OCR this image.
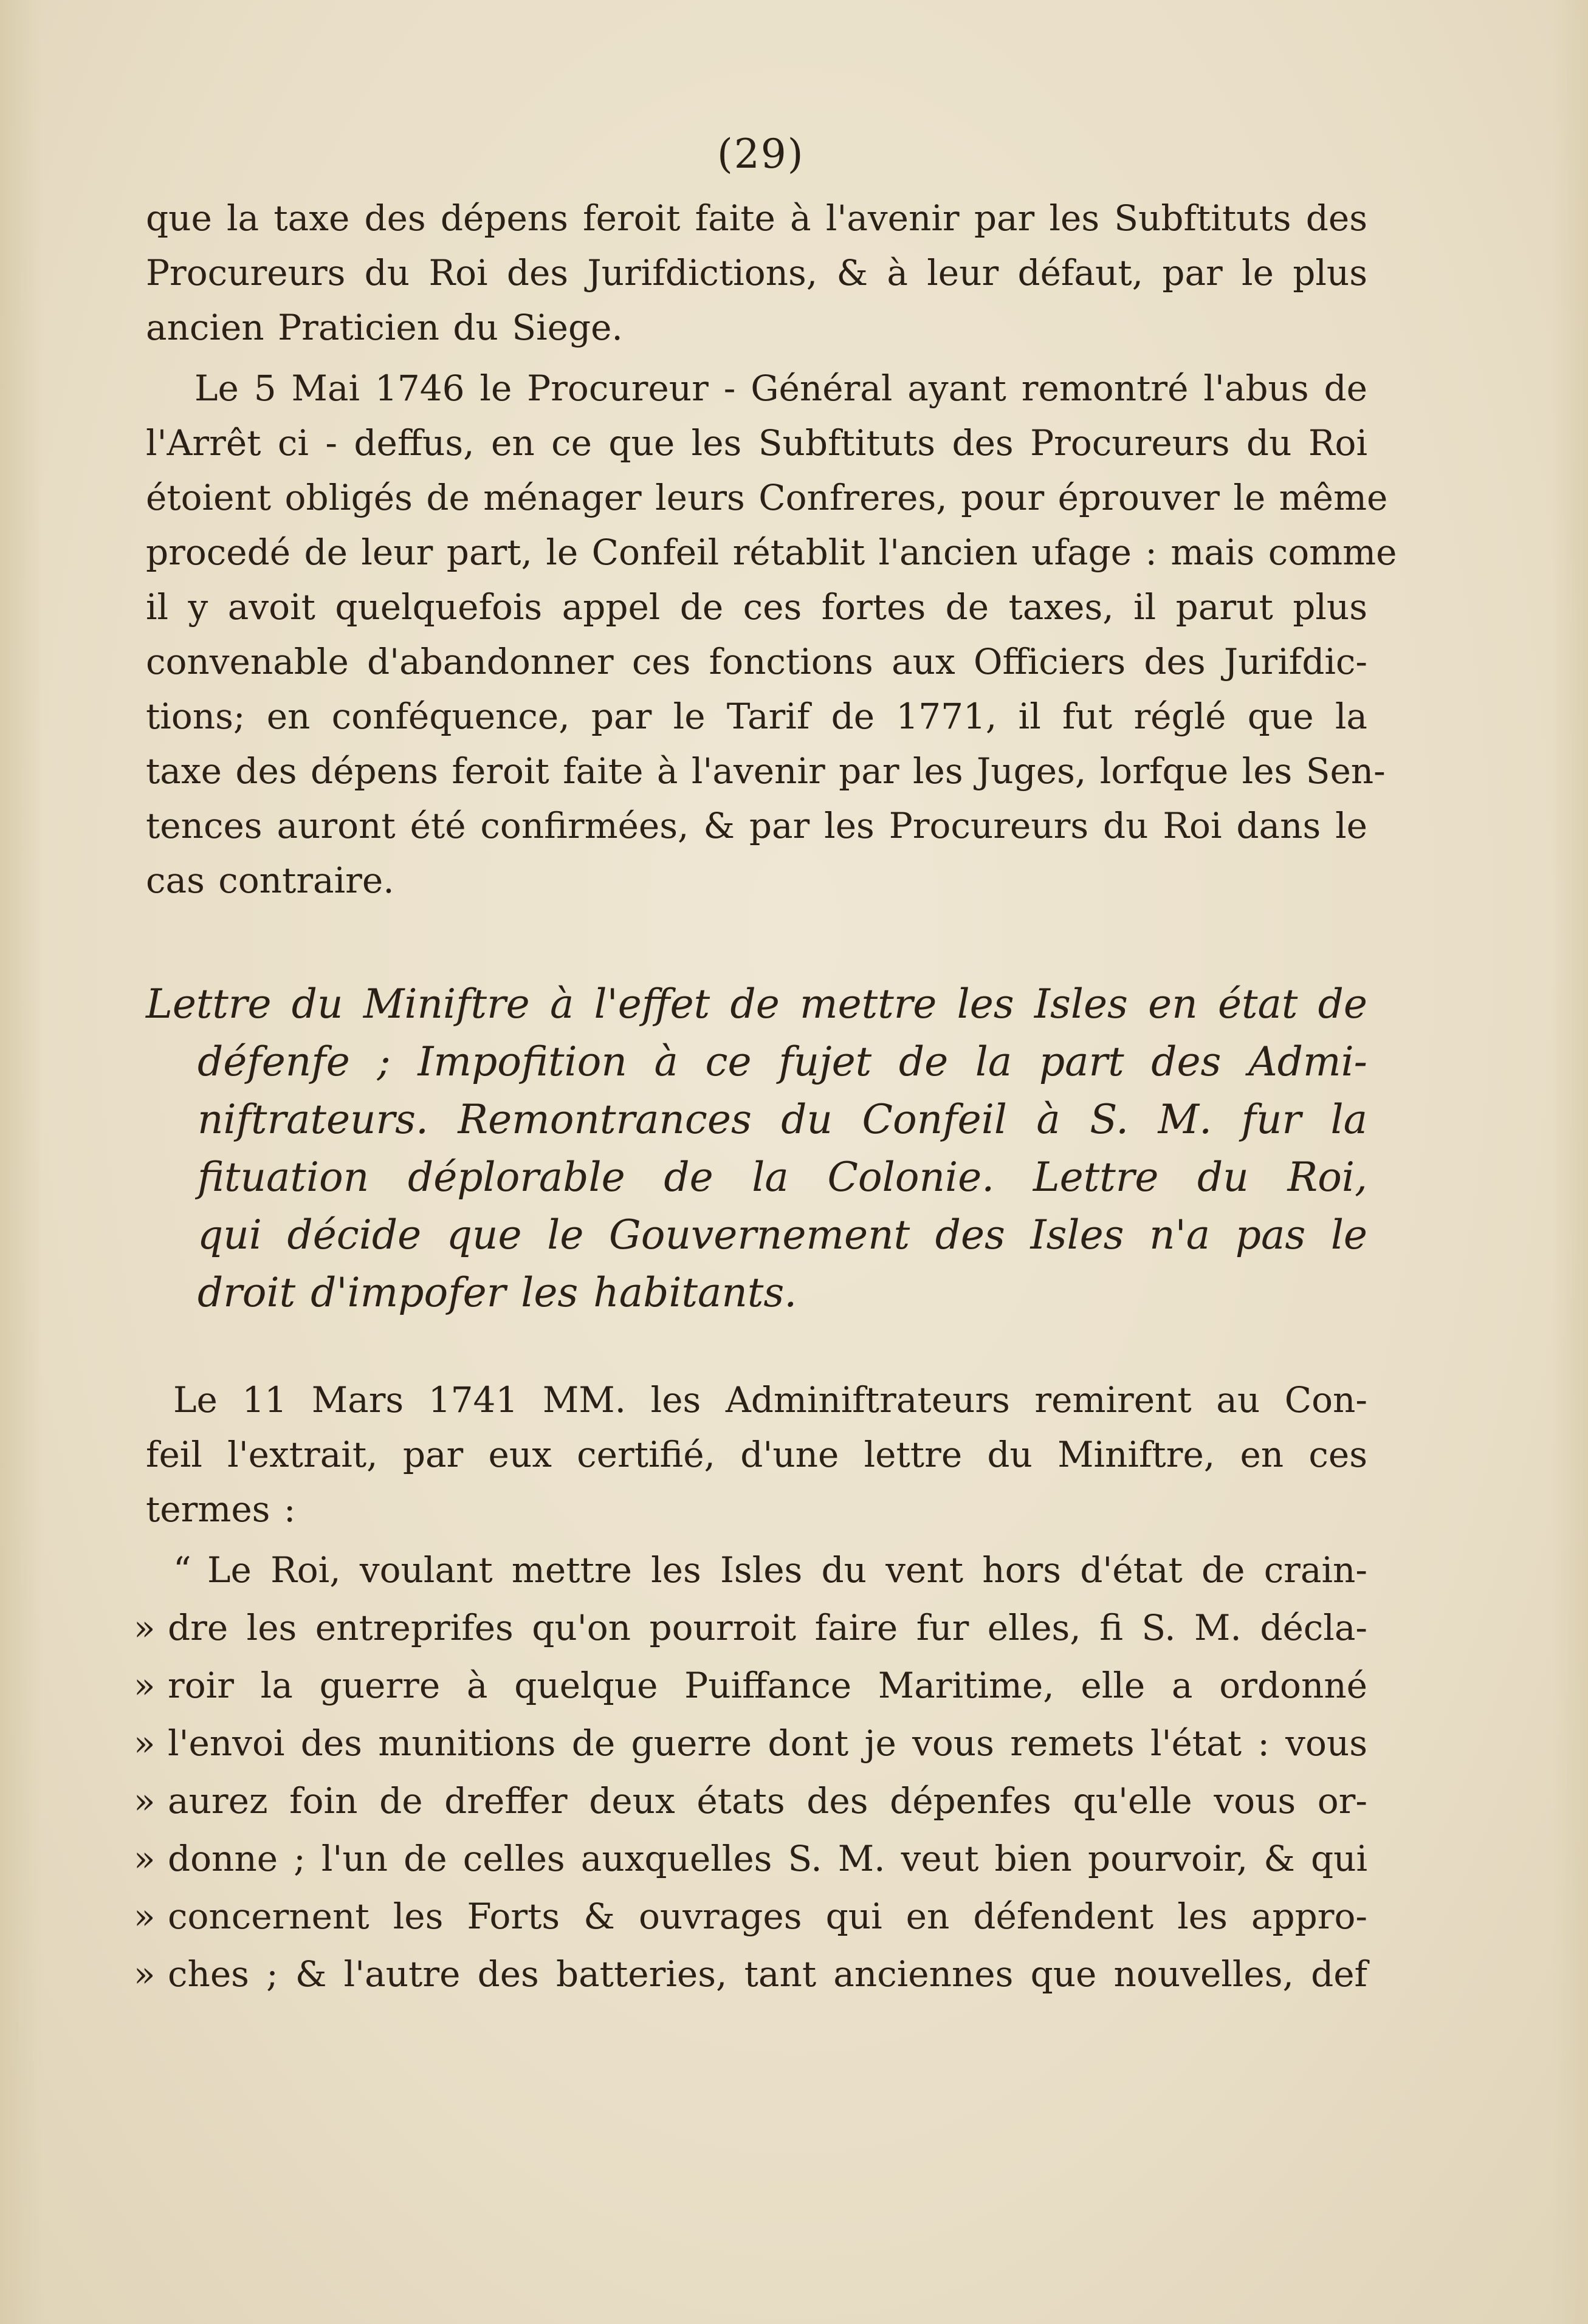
(29)
que la taxe des dépens feroit faite à l'avenir par les Subftituts des
Procureurs du Roi des Jurifdictions, & à leur défaut, par le plus
ancien Praticien du Siege.
Le 5 Mai 1746 le Procureur - Général ayant remontré l'abus de
l'Arrêt ci - deffus, en ce que les Subftituts des Procureurs du Roi
étoient obligés de ménager leurs Confreres, pour éprouver le même
procedé de leur part, le Confeil rétablit l'ancien ufage : mais comme
il y avoit quelquefois appel de ces fortes de taxes, il parut plus
convenable d'abandonner ces fonctions aux Officiers des Jurifdic-
tions; en conféquence, par le Tarif de 1771, il fut réglé que la
taxe des dépens feroit faite à l'avenir par les Juges, lorfque les Sen-
tences auront été confirmées, & par les Procureurs du Roi dans le
cas contraire.
Lettre du Miniftre à l'effet de mettre les Isles en état de
défenfe ; Impofition à ce fujet de la part des Admi-
niftrateurs. Remontrances du Confeil à S. M. fur la
fituation déplorable de la Colonie. Lettre du Roi,
qui décide que le Gouvernement des Isles n'a pas le
droit d'impofer les habitants.
Le 11 Mars 1741 MM. les Adminiftrateurs remirent au Con-
feil l'extrait, par eux certifié, d'une lettre du Miniftre, en ces
termes :
“ Le Roi, voulant mettre les Isles du vent hors d'état de crain-
» dre les entreprifes qu'on pourroit faire fur elles, fi S. M. décla-
» roir la guerre à quelque Puiffance Maritime, elle a ordonné
» l'envoi des munitions de guerre dont je vous remets l'état : vous
» aurez foin de dreffer deux états des dépenfes qu'elle vous or-
» donne ; l'un de celles auxquelles S. M. veut bien pourvoir, & qui
» concernent les Forts & ouvrages qui en défendent les appro-
» ches ; & l'autre des batteries, tant anciennes que nouvelles, def
